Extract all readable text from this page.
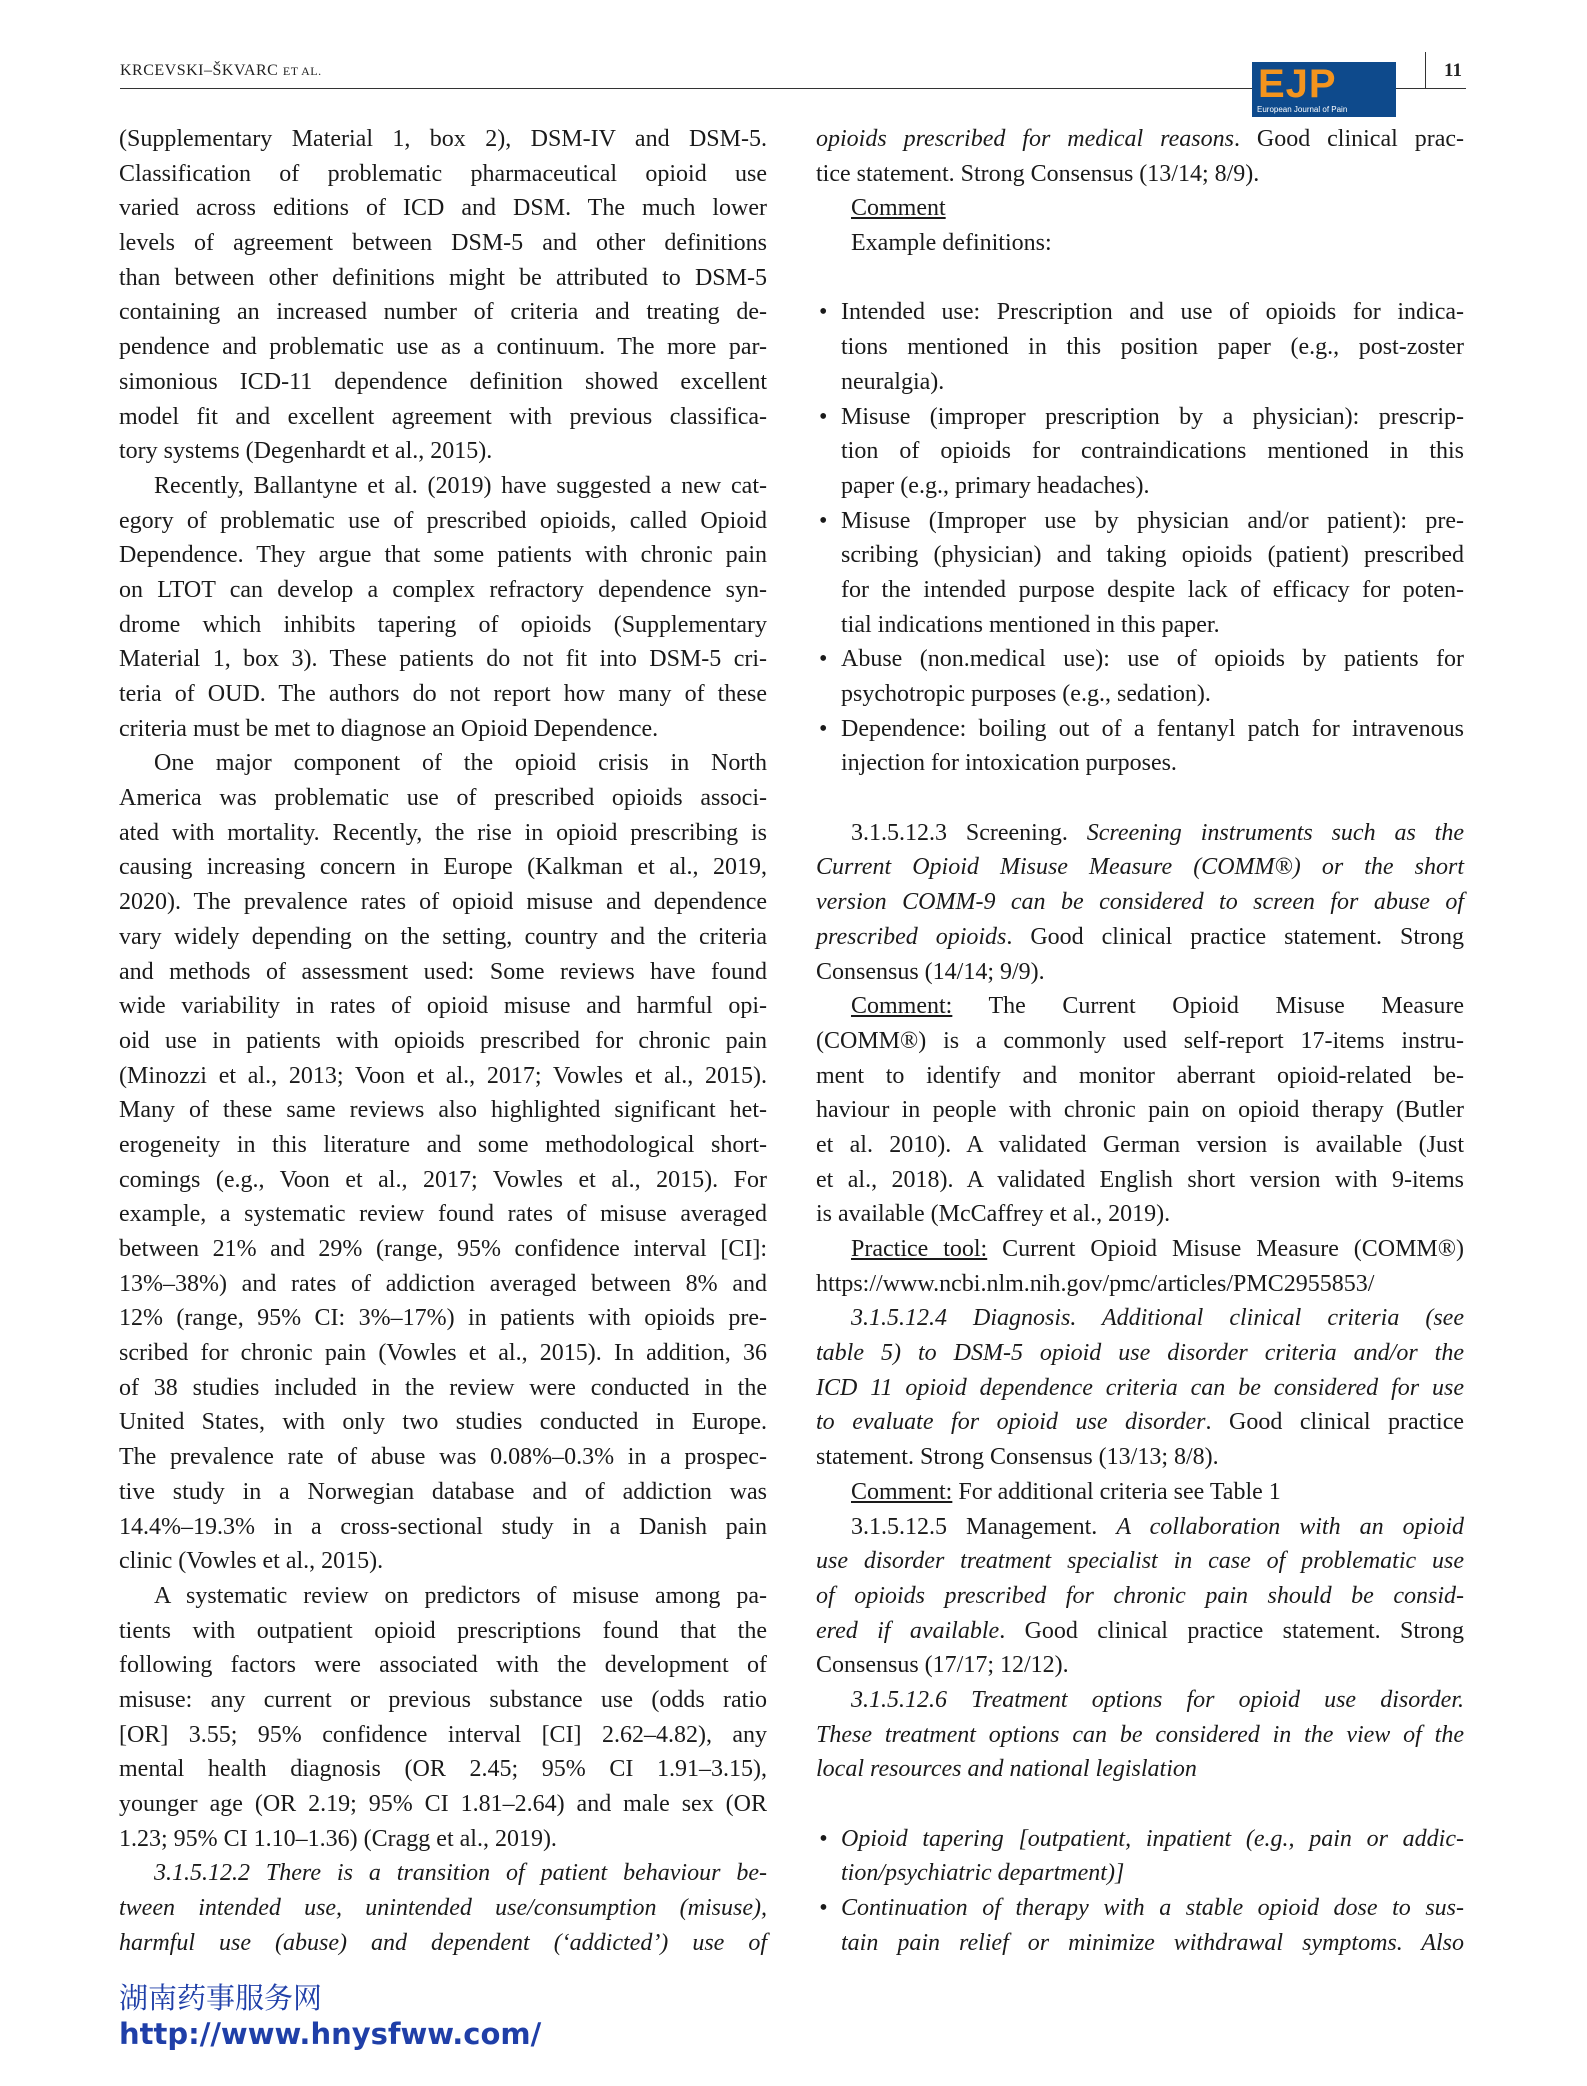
KRCEVSKI–ŠKVARC ET AL.	EJP
European Journal of Pain
11
(Supplementary Material 1, box 2), DSM-IV and DSM-5.
Classification of problematic pharmaceutical opioid use
varied across editions of ICD and DSM. The much lower
levels of agreement between DSM-5 and other definitions
than between other definitions might be attributed to DSM-5
containing an increased number of criteria and treating de-
pendence and problematic use as a continuum. The more par-
simonious ICD-11 dependence definition showed excellent
model fit and excellent agreement with previous classifica-
tory systems (Degenhardt et al., 2015).
Recently, Ballantyne et al. (2019) have suggested a new cat-
egory of problematic use of prescribed opioids, called Opioid
Dependence. They argue that some patients with chronic pain
on LTOT can develop a complex refractory dependence syn-
drome which inhibits tapering of opioids (Supplementary
Material 1, box 3). These patients do not fit into DSM-5 cri-
teria of OUD. The authors do not report how many of these
criteria must be met to diagnose an Opioid Dependence.
One major component of the opioid crisis in North
America was problematic use of prescribed opioids associ-
ated with mortality. Recently, the rise in opioid prescribing is
causing increasing concern in Europe (Kalkman et al., 2019,
2020). The prevalence rates of opioid misuse and dependence
vary widely depending on the setting, country and the criteria
and methods of assessment used: Some reviews have found
wide variability in rates of opioid misuse and harmful opi-
oid use in patients with opioids prescribed for chronic pain
(Minozzi et al., 2013; Voon et al., 2017; Vowles et al., 2015).
Many of these same reviews also highlighted significant het-
erogeneity in this literature and some methodological short-
comings (e.g., Voon et al., 2017; Vowles et al., 2015). For
example, a systematic review found rates of misuse averaged
between 21% and 29% (range, 95% confidence interval [CI]:
13%–38%) and rates of addiction averaged between 8% and
12% (range, 95% CI: 3%–17%) in patients with opioids pre-
scribed for chronic pain (Vowles et al., 2015). In addition, 36
of 38 studies included in the review were conducted in the
United States, with only two studies conducted in Europe.
The prevalence rate of abuse was 0.08%–0.3% in a prospec-
tive study in a Norwegian database and of addiction was
14.4%–19.3% in a cross-sectional study in a Danish pain
clinic (Vowles et al., 2015).
A systematic review on predictors of misuse among pa-
tients with outpatient opioid prescriptions found that the
following factors were associated with the development of
misuse: any current or previous substance use (odds ratio
[OR] 3.55; 95% confidence interval [CI] 2.62–4.82), any
mental health diagnosis (OR 2.45; 95% CI 1.91–3.15),
younger age (OR 2.19; 95% CI 1.81–2.64) and male sex (OR
1.23; 95% CI 1.10–1.36) (Cragg et al., 2019).
3.1.5.12.2 There is a transition of patient behaviour be-
tween intended use, unintended use/consumption (misuse),
harmful use (abuse) and dependent (‘addicted’) use of
opioids prescribed for medical reasons. Good clinical prac-
tice statement. Strong Consensus (13/14; 8/9).
Comment
Example definitions:
• Intended use: Prescription and use of opioids for indica-
tions mentioned in this position paper (e.g., post-zoster
neuralgia).
• Misuse (improper prescription by a physician): prescrip-
tion of opioids for contraindications mentioned in this
paper (e.g., primary headaches).
• Misuse (Improper use by physician and/or patient): pre-
scribing (physician) and taking opioids (patient) prescribed
for the intended purpose despite lack of efficacy for poten-
tial indications mentioned in this paper.
• Abuse (non.medical use): use of opioids by patients for
psychotropic purposes (e.g., sedation).
• Dependence: boiling out of a fentanyl patch for intravenous
injection for intoxication purposes.
3.1.5.12.3 Screening. Screening instruments such as the
Current Opioid Misuse Measure (COMM®) or the short
version COMM-9 can be considered to screen for abuse of
prescribed opioids. Good clinical practice statement. Strong
Consensus (14/14; 9/9).
Comment: The Current Opioid Misuse Measure
(COMM®) is a commonly used self-report 17-items instru-
ment to identify and monitor aberrant opioid-related be-
haviour in people with chronic pain on opioid therapy (Butler
et al. 2010). A validated German version is available (Just
et al., 2018). A validated English short version with 9-items
is available (McCaffrey et al., 2019).
Practice tool: Current Opioid Misuse Measure (COMM®)
https://www.ncbi.nlm.nih.gov/pmc/articles/PMC2955853/
3.1.5.12.4 Diagnosis. Additional clinical criteria (see
table 5) to DSM-5 opioid use disorder criteria and/or the
ICD 11 opioid dependence criteria can be considered for use
to evaluate for opioid use disorder. Good clinical practice
statement. Strong Consensus (13/13; 8/8).
Comment: For additional criteria see Table 1
3.1.5.12.5 Management. A collaboration with an opioid
use disorder treatment specialist in case of problematic use
of opioids prescribed for chronic pain should be consid-
ered if available. Good clinical practice statement. Strong
Consensus (17/17; 12/12).
3.1.5.12.6 Treatment options for opioid use disorder.
These treatment options can be considered in the view of the
local resources and national legislation
• Opioid tapering [outpatient, inpatient (e.g., pain or addic-
tion/psychiatric department)]
• Continuation of therapy with a stable opioid dose to sus-
tain pain relief or minimize withdrawal symptoms. Also
湖南药事服务网
http://www.hnysfww.com/
